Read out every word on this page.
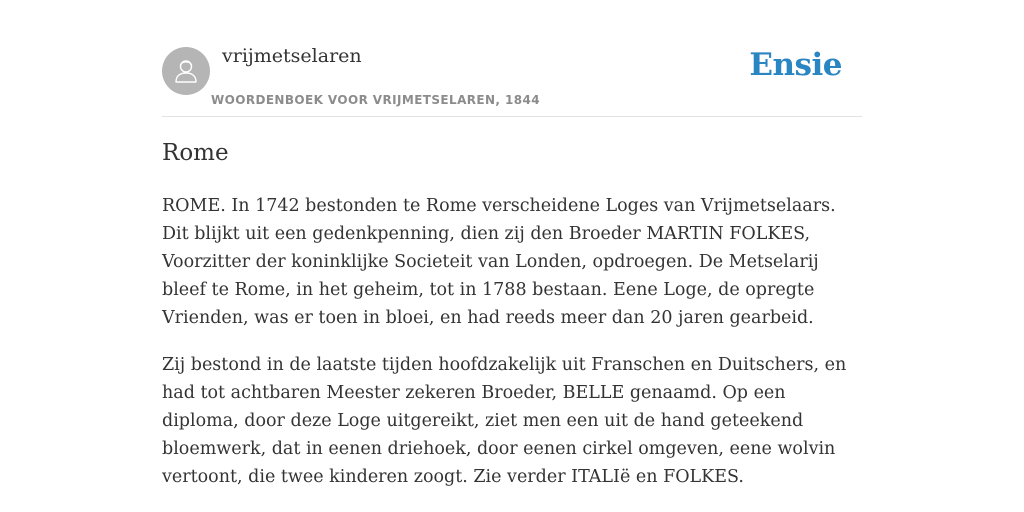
vrijmetselaren
WOORDENBOEK VOOR VRIJMETSELAREN, 1844
Ensie
Rome

ROME. In 1742 bestonden te Rome verscheidene Loges van Vrijmetselaars. Dit blijkt uit een gedenkpenning, dien zij den Broeder MARTIN FOLKES, Voorzitter der koninklijke Societeit van Londen, opdroegen. De Metselarij bleef te Rome, in het geheim, tot in 1788 bestaan. Eene Loge, de opregte Vrienden, was er toen in bloei, en had reeds meer dan 20 jaren gearbeid.

Zij bestond in de laatste tijden hoofdzakelijk uit Franschen en Duitschers, en had tot achtbaren Meester zekeren Broeder, BELLE genaamd. Op een diploma, door deze Loge uitgereikt, ziet men een uit de hand geteekend bloemwerk, dat in eenen driehoek, door eenen cirkel omgeven, eene wolvin vertoont, die twee kinderen zoogt. Zie verder ITALIë en FOLKES.
